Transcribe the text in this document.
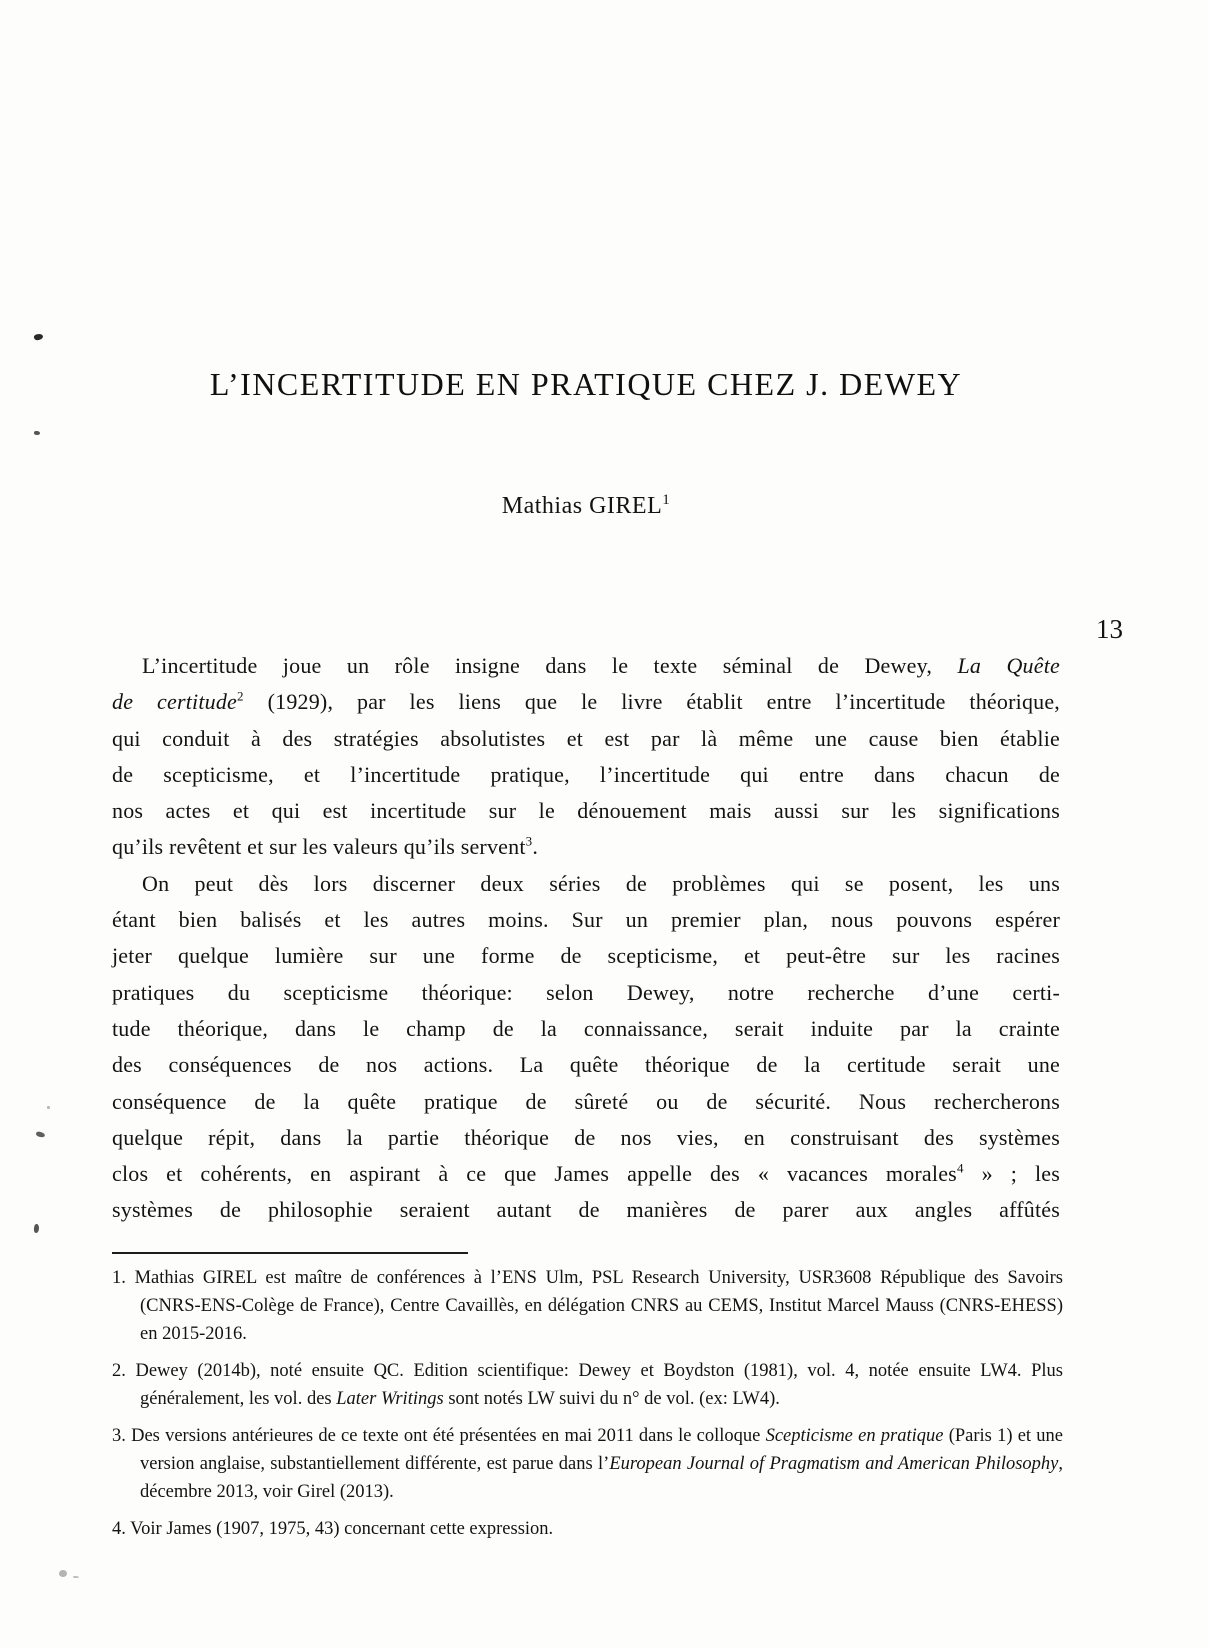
L’INCERTITUDE EN PRATIQUE CHEZ J. DEWEY
Mathias GIREL$^1$
13
L’incertitude joue un rôle insigne dans le texte séminal de Dewey, La Quête
de certitude$^2$ (1929), par les liens que le livre établit entre l’incertitude théorique,
qui conduit à des stratégies absolutistes et est par là même une cause bien établie
de scepticisme, et l’incertitude pratique, l’incertitude qui entre dans chacun de
nos actes et qui est incertitude sur le dénouement mais aussi sur les significations
qu’ils revêtent et sur les valeurs qu’ils servent$^3$.
On peut dès lors discerner deux séries de problèmes qui se posent, les uns
étant bien balisés et les autres moins. Sur un premier plan, nous pouvons espérer
jeter quelque lumière sur une forme de scepticisme, et peut-être sur les racines
pratiques du scepticisme théorique: selon Dewey, notre recherche d’une certi-
tude théorique, dans le champ de la connaissance, serait induite par la crainte
des conséquences de nos actions. La quête théorique de la certitude serait une
conséquence de la quête pratique de sûreté ou de sécurité. Nous rechercherons
quelque répit, dans la partie théorique de nos vies, en construisant des systèmes
clos et cohérents, en aspirant à ce que James appelle des « vacances morales$^4$ » ; les
systèmes de philosophie seraient autant de manières de parer aux angles affûtés
1. Mathias GIREL est maître de conférences à l’ENS Ulm, PSL Research University, USR3608 République des Savoirs (CNRS-ENS-Colège de France), Centre Cavaillès, en délégation CNRS au CEMS, Institut Marcel Mauss (CNRS-EHESS) en 2015-2016.
2. Dewey (2014b), noté ensuite QC. Edition scientifique: Dewey et Boydston (1981), vol. 4, notée ensuite LW4. Plus généralement, les vol. des Later Writings sont notés LW suivi du n° de vol. (ex: LW4).
3. Des versions antérieures de ce texte ont été présentées en mai 2011 dans le colloque Scepticisme en pratique (Paris 1) et une version anglaise, substantiellement différente, est parue dans l’European Journal of Pragmatism and American Philosophy, décembre 2013, voir Girel (2013).
4. Voir James (1907, 1975, 43) concernant cette expression.
